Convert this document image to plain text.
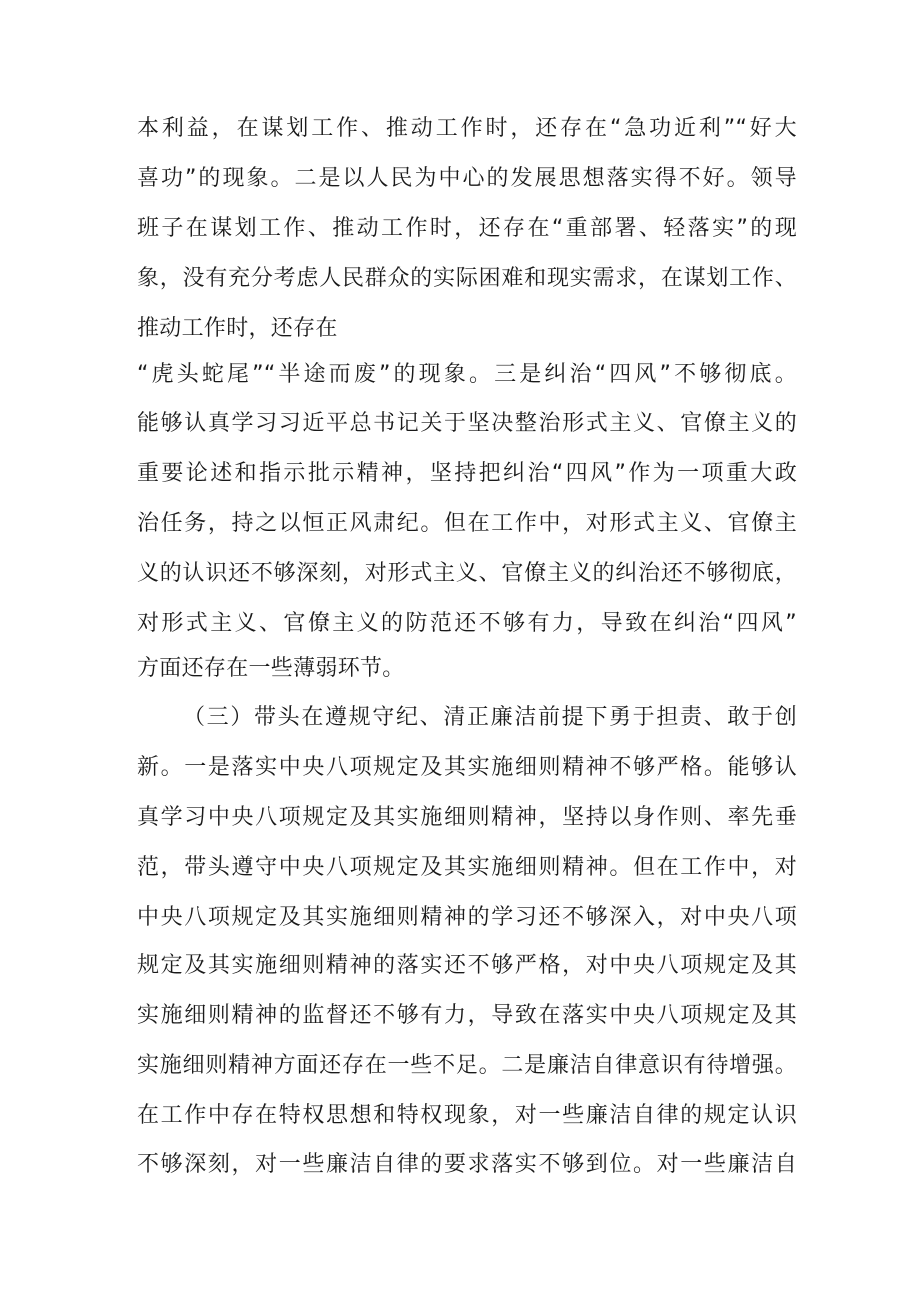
本利益，在谋划工作、推动工作时，还存在“急功近利”“好大
喜功”的现象。二是以人民为中心的发展思想落实得不好。领导
班子在谋划工作、推动工作时，还存在“重部署、轻落实”的现
象，没有充分考虑人民群众的实际困难和现实需求，在谋划工作、
推动工作时，还存在
“虎头蛇尾”“半途而废”的现象。三是纠治“四风”不够彻底。
能够认真学习习近平总书记关于坚决整治形式主义、官僚主义的
重要论述和指示批示精神，坚持把纠治“四风”作为一项重大政
治任务，持之以恒正风肃纪。但在工作中，对形式主义、官僚主
义的认识还不够深刻，对形式主义、官僚主义的纠治还不够彻底，
对形式主义、官僚主义的防范还不够有力，导致在纠治“四风”
方面还存在一些薄弱环节。
（三）带头在遵规守纪、清正廉洁前提下勇于担责、敢于创
新。一是落实中央八项规定及其实施细则精神不够严格。能够认
真学习中央八项规定及其实施细则精神，坚持以身作则、率先垂
范，带头遵守中央八项规定及其实施细则精神。但在工作中，对
中央八项规定及其实施细则精神的学习还不够深入，对中央八项
规定及其实施细则精神的落实还不够严格，对中央八项规定及其
实施细则精神的监督还不够有力，导致在落实中央八项规定及其
实施细则精神方面还存在一些不足。二是廉洁自律意识有待增强。
在工作中存在特权思想和特权现象，对一些廉洁自律的规定认识
不够深刻，对一些廉洁自律的要求落实不够到位。对一些廉洁自
